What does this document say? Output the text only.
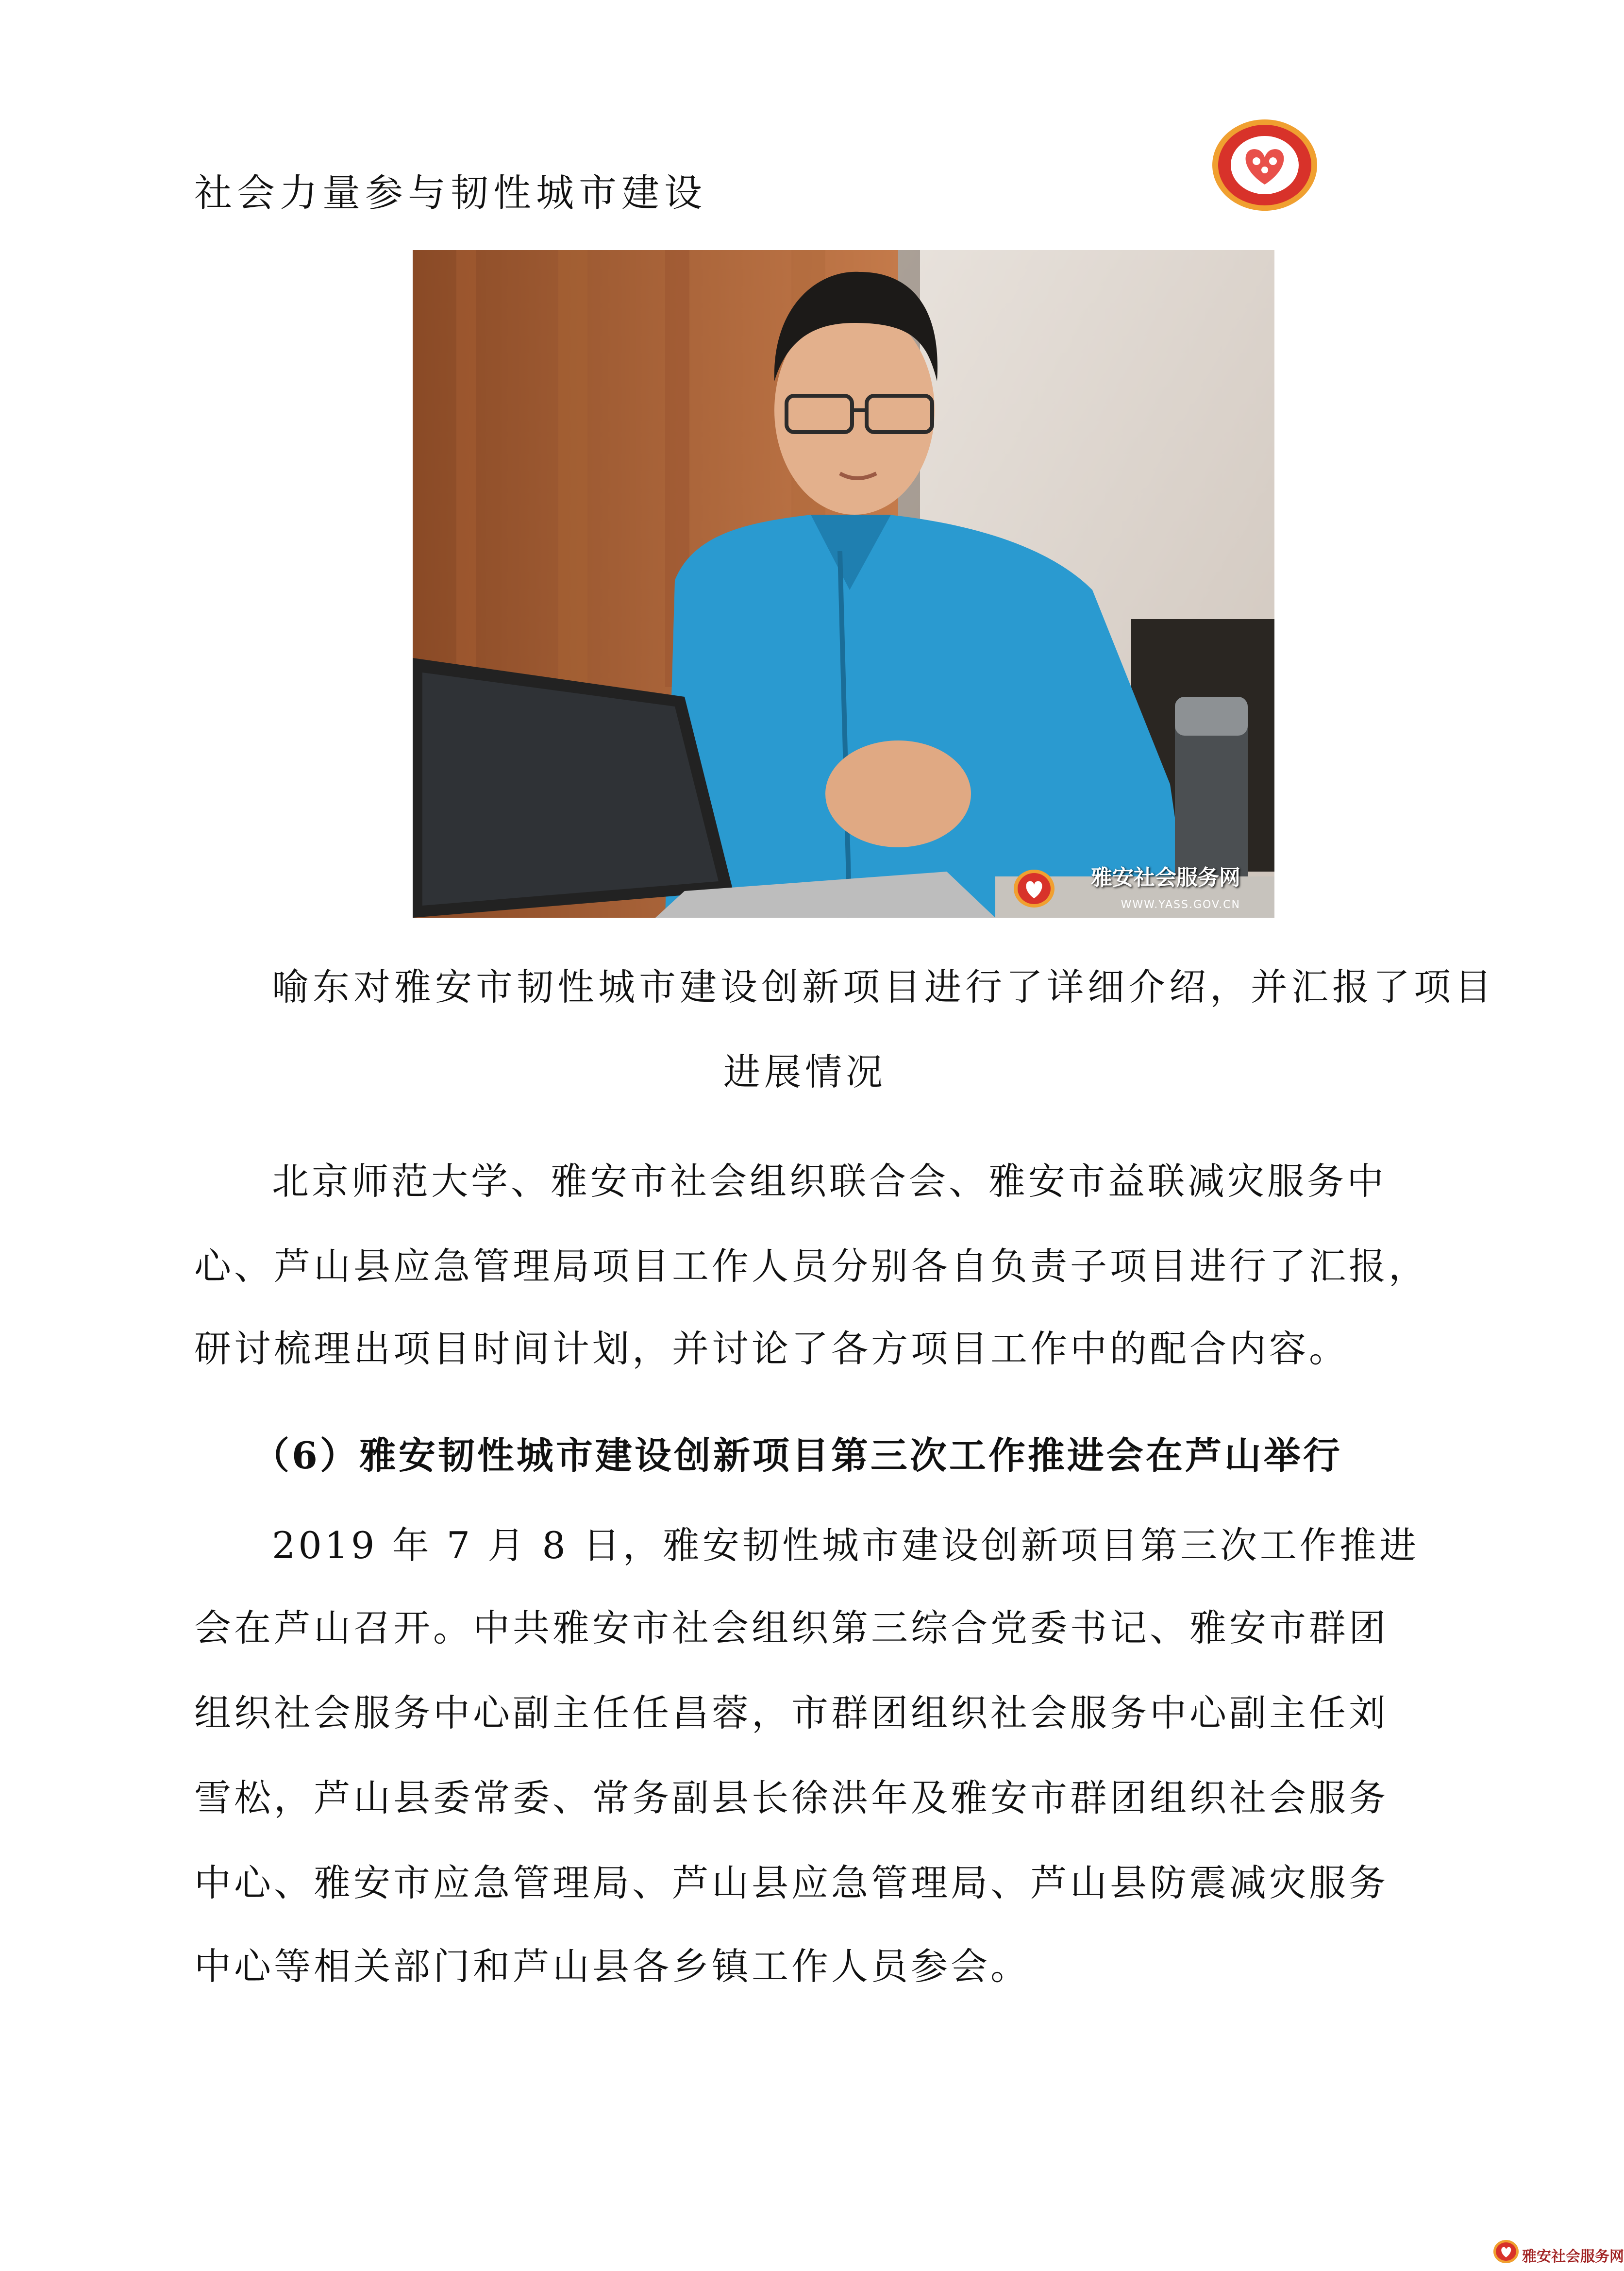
社会力量参与韧性城市建设
雅安社会服务网
WWW.YASS.GOV.CN
喻东对雅安市韧性城市建设创新项目进行了详细介绍，并汇报了项目
进展情况
北京师范大学、雅安市社会组织联合会、雅安市益联减灾服务中
心、芦山县应急管理局项目工作人员分别各自负责子项目进行了汇报，
研讨梳理出项目时间计划，并讨论了各方项目工作中的配合内容。
（6）雅安韧性城市建设创新项目第三次工作推进会在芦山举行
2019 年 7 月 8 日，雅安韧性城市建设创新项目第三次工作推进
会在芦山召开。中共雅安市社会组织第三综合党委书记、雅安市群团
组织社会服务中心副主任任昌蓉，市群团组织社会服务中心副主任刘
雪松，芦山县委常委、常务副县长徐洪年及雅安市群团组织社会服务
中心、雅安市应急管理局、芦山县应急管理局、芦山县防震减灾服务
中心等相关部门和芦山县各乡镇工作人员参会。
雅安社会服务网
